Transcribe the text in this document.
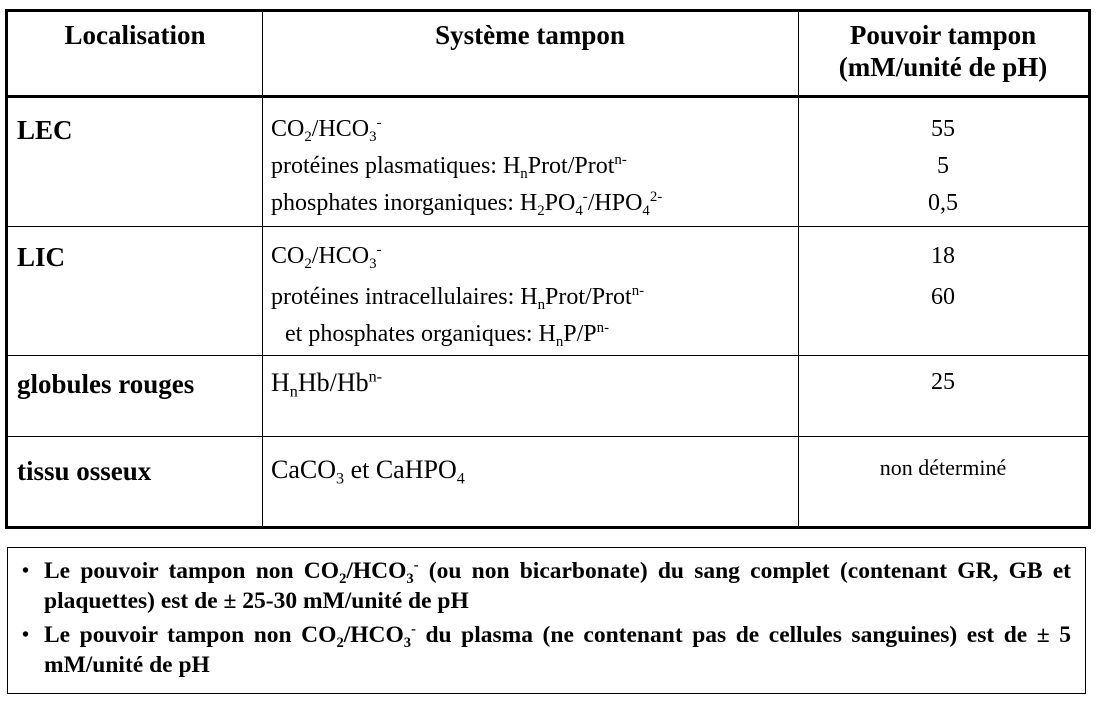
Localisation	Système tampon	Pouvoir tampon
(mM/unité de pH)
LEC	$CO_2/HCO_3^-$	55
protéines plasmatiques: $H_nProt/Prot^{n-}$	5
phosphates inorganiques: $H_2PO_4^-/HPO_4^{2-}$	0,5
LIC	$CO_2/HCO_3^-$	18
protéines intracellulaires: $H_nProt/Prot^{n-}$	60
et phosphates organiques: $H_nP/P^{n-}$
globules rouges	$H_nHb/Hb^{n-}$	25
tissu osseux	CaCO$_3$ et CaHPO$_4$	non déterminé
• Le pouvoir tampon non $CO_2/HCO_3^-$ (ou non bicarbonate) du sang complet (contenant GR, GB et plaquettes) est de ± 25-30 mM/unité de pH
• Le pouvoir tampon non $CO_2/HCO_3^-$ du plasma (ne contenant pas de cellules sanguines) est de ± 5 mM/unité de pH
